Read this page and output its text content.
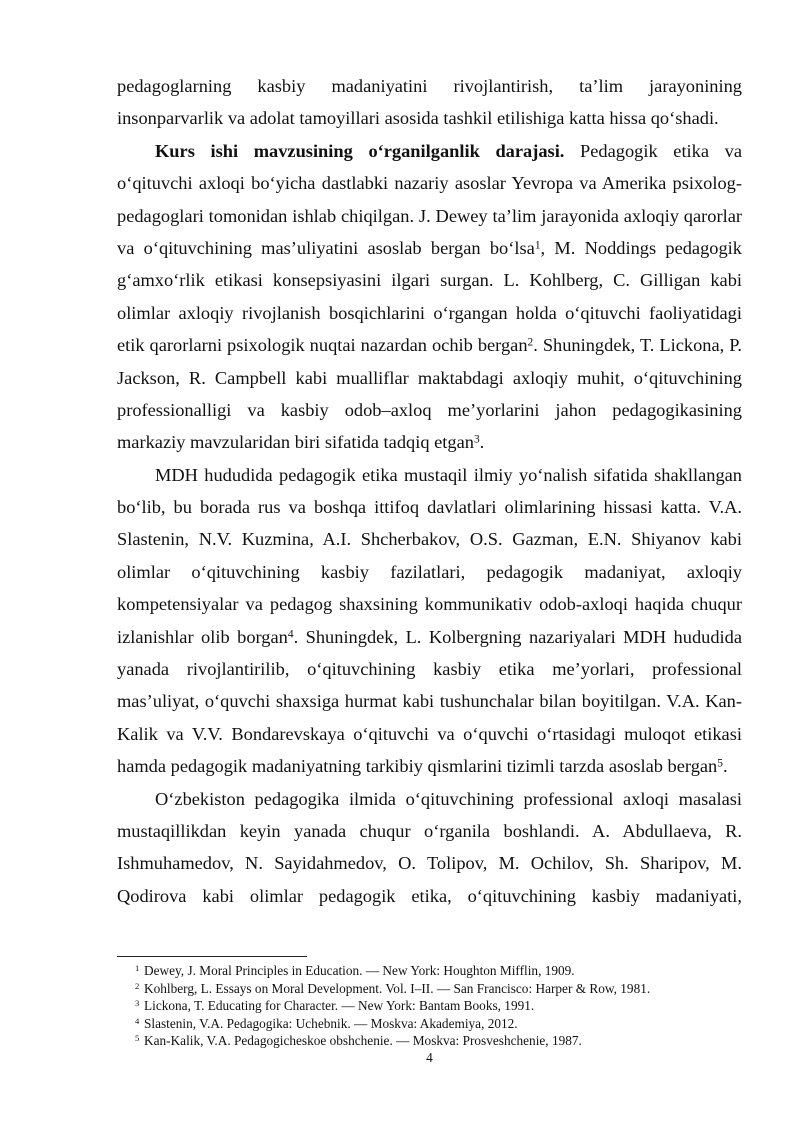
pedagoglarning kasbiy madaniyatini rivojlantirish, ta’lim jarayonining
insonparvarlik va adolat tamoyillari asosida tashkil etilishiga katta hissa qo‘shadi.
Kurs ishi mavzusining o‘rganilganlik darajasi. Pedagogik etika va
o‘qituvchi axloqi bo‘yicha dastlabki nazariy asoslar Yevropa va Amerika psixolog-
pedagoglari tomonidan ishlab chiqilgan. J. Dewey ta’lim jarayonida axloqiy qarorlar
va o‘qituvchining mas’uliyatini asoslab bergan bo‘lsa$^1$, M. Noddings pedagogik
g‘amxo‘rlik etikasi konsepsiyasini ilgari surgan. L. Kohlberg, C. Gilligan kabi
olimlar axloqiy rivojlanish bosqichlarini o‘rgangan holda o‘qituvchi faoliyatidagi
etik qarorlarni psixologik nuqtai nazardan ochib bergan$^2$. Shuningdek, T. Lickona, P.
Jackson, R. Campbell kabi mualliflar maktabdagi axloqiy muhit, o‘qituvchining
professionalligi va kasbiy odob–axloq me’yorlarini jahon pedagogikasining
markaziy mavzularidan biri sifatida tadqiq etgan$^3$.
MDH hududida pedagogik etika mustaqil ilmiy yo‘nalish sifatida shakllangan
bo‘lib, bu borada rus va boshqa ittifoq davlatlari olimlarining hissasi katta. V.A.
Slastenin, N.V. Kuzmina, A.I. Shcherbakov, O.S. Gazman, E.N. Shiyanov kabi
olimlar o‘qituvchining kasbiy fazilatlari, pedagogik madaniyat, axloqiy
kompetensiyalar va pedagog shaxsining kommunikativ odob-axloqi haqida chuqur
izlanishlar olib borgan$^4$. Shuningdek, L. Kolbergning nazariyalari MDH hududida
yanada rivojlantirilib, o‘qituvchining kasbiy etika me’yorlari, professional
mas’uliyat, o‘quvchi shaxsiga hurmat kabi tushunchalar bilan boyitilgan. V.A. Kan-
Kalik va V.V. Bondarevskaya o‘qituvchi va o‘quvchi o‘rtasidagi muloqot etikasi
hamda pedagogik madaniyatning tarkibiy qismlarini tizimli tarzda asoslab bergan$^5$.
O‘zbekiston pedagogika ilmida o‘qituvchining professional axloqi masalasi
mustaqillikdan keyin yanada chuqur o‘rganila boshlandi. A. Abdullaeva, R.
Ishmuhamedov, N. Sayidahmedov, O. Tolipov, M. Ochilov, Sh. Sharipov, M.
Qodirova kabi olimlar pedagogik etika, o‘qituvchining kasbiy madaniyati,
1 Dewey, J. Moral Principles in Education. — New York: Houghton Mifflin, 1909.
2 Kohlberg, L. Essays on Moral Development. Vol. I–II. — San Francisco: Harper & Row, 1981.
3 Lickona, T. Educating for Character. — New York: Bantam Books, 1991.
4 Slastenin, V.A. Pedagogika: Uchebnik. — Moskva: Akademiya, 2012.
5 Kan-Kalik, V.A. Pedagogicheskoe obshchenie. — Moskva: Prosveshchenie, 1987.
4
